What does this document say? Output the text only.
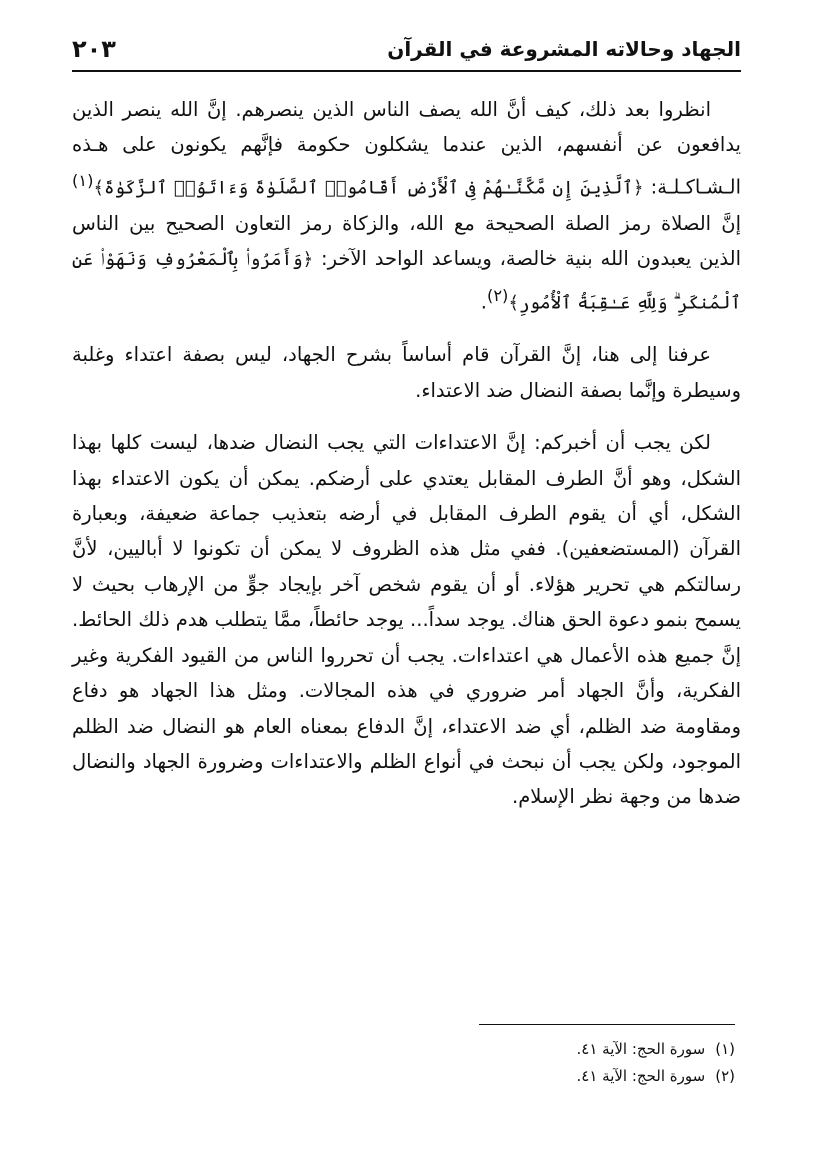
الجهاد وحالاته المشروعة في القرآن
٢٠٣

انظروا بعد ذلك، كيف أنَّ الله يصف الناس الذين ينصرهم. إنَّ الله ينصر الذين يدافعون عن أنفسهم، الذين عندما يشكلون حكومة فإنَّهم يكونون على هـذه الـشـاكـلـة: ﴿ٱلَّذِينَ إِن مَّكَّنَّـٰهُمْ فِى ٱلْأَرْضِ أَقَامُوا۟ ٱلصَّلَوٰةَ وَءَاتَوُا۟ ٱلزَّكَوٰةَ﴾$^{(١)}$ إنَّ الصلاة رمز الصلة الصحيحة مع الله، والزكاة رمز التعاون الصحيح بين الناس الذين يعبدون الله بنية خالصة، ويساعد الواحد الآخر: ﴿وَأَمَرُوا۟ بِٱلْمَعْرُوفِ وَنَهَوْا۟ عَنِ ٱلْمُنكَرِ ۗ وَلِلَّهِ عَـٰقِبَةُ ٱلْأُمُورِ﴾$^{(٢)}$.

عرفنا إلى هنا، إنَّ القرآن قام أساساً بشرح الجهاد، ليس بصفة اعتداء وغلبة وسيطرة وإنَّما بصفة النضال ضد الاعتداء.

لكن يجب أن أخبركم: إنَّ الاعتداءات التي يجب النضال ضدها، ليست كلها بهذا الشكل، وهو أنَّ الطرف المقابل يعتدي على أرضكم. يمكن أن يكون الاعتداء بهذا الشكل، أي أن يقوم الطرف المقابل في أرضه بتعذيب جماعة ضعيفة، وبعبارة القرآن (المستضعفين). ففي مثل هذه الظروف لا يمكن أن تكونوا لا أباليين، لأنَّ رسالتكم هي تحرير هؤلاء. أو أن يقوم شخص آخر بإيجاد جوٍّ من الإرهاب بحيث لا يسمح بنمو دعوة الحق هناك. يوجد سداً... يوجد حائطاً، ممَّا يتطلب هدم ذلك الحائط. إنَّ جميع هذه الأعمال هي اعتداءات. يجب أن تحرروا الناس من القيود الفكرية وغير الفكرية، وأنَّ الجهاد أمر ضروري في هذه المجالات. ومثل هذا الجهاد هو دفاع ومقاومة ضد الظلم، أي ضد الاعتداء، إنَّ الدفاع بمعناه العام هو النضال ضد الظلم الموجود، ولكن يجب أن نبحث في أنواع الظلم والاعتداءات وضرورة الجهاد والنضال ضدها من وجهة نظر الإسلام.

(١)
سورة الحج: الآية ٤١.
(٢)
سورة الحج: الآية ٤١.
